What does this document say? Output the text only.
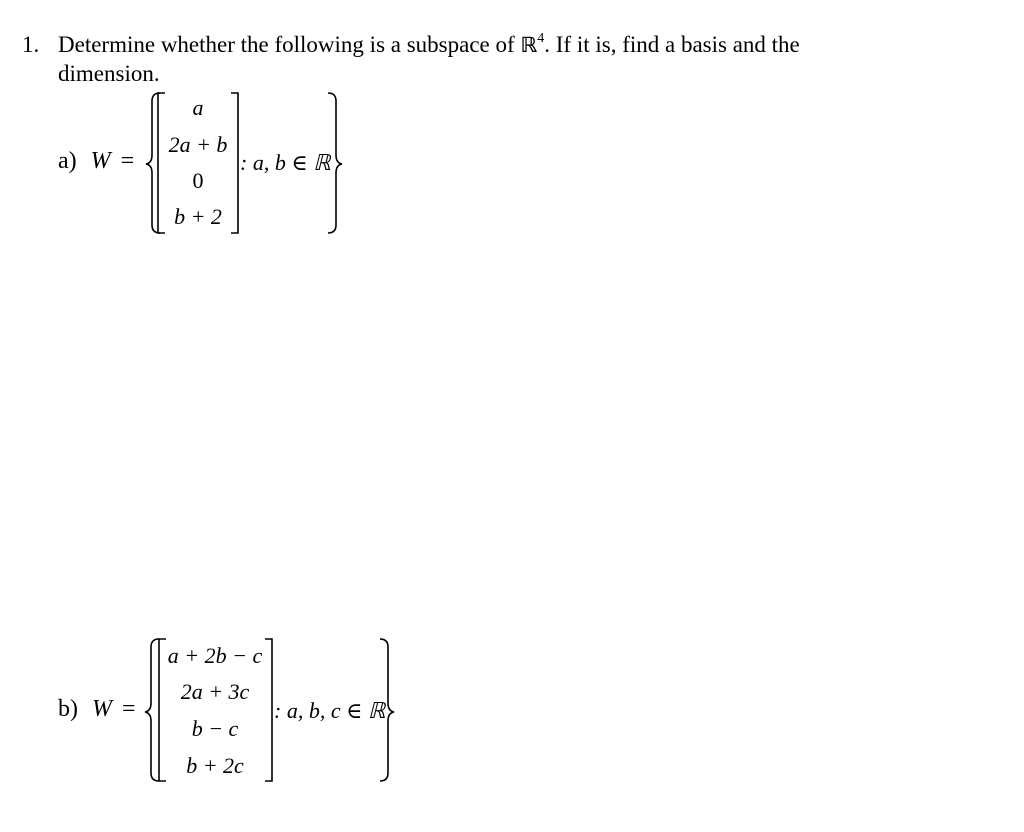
1. Determine whether the following is a subspace of ℝ$^4$. If it is, find a basis and the
dimension.
a) W =
a
2a + b
0
b + 2
: a, b ∈ ℝ
b) W =
a + 2b − c
2a + 3c
b − c
b + 2c
: a, b, c ∈ ℝ
